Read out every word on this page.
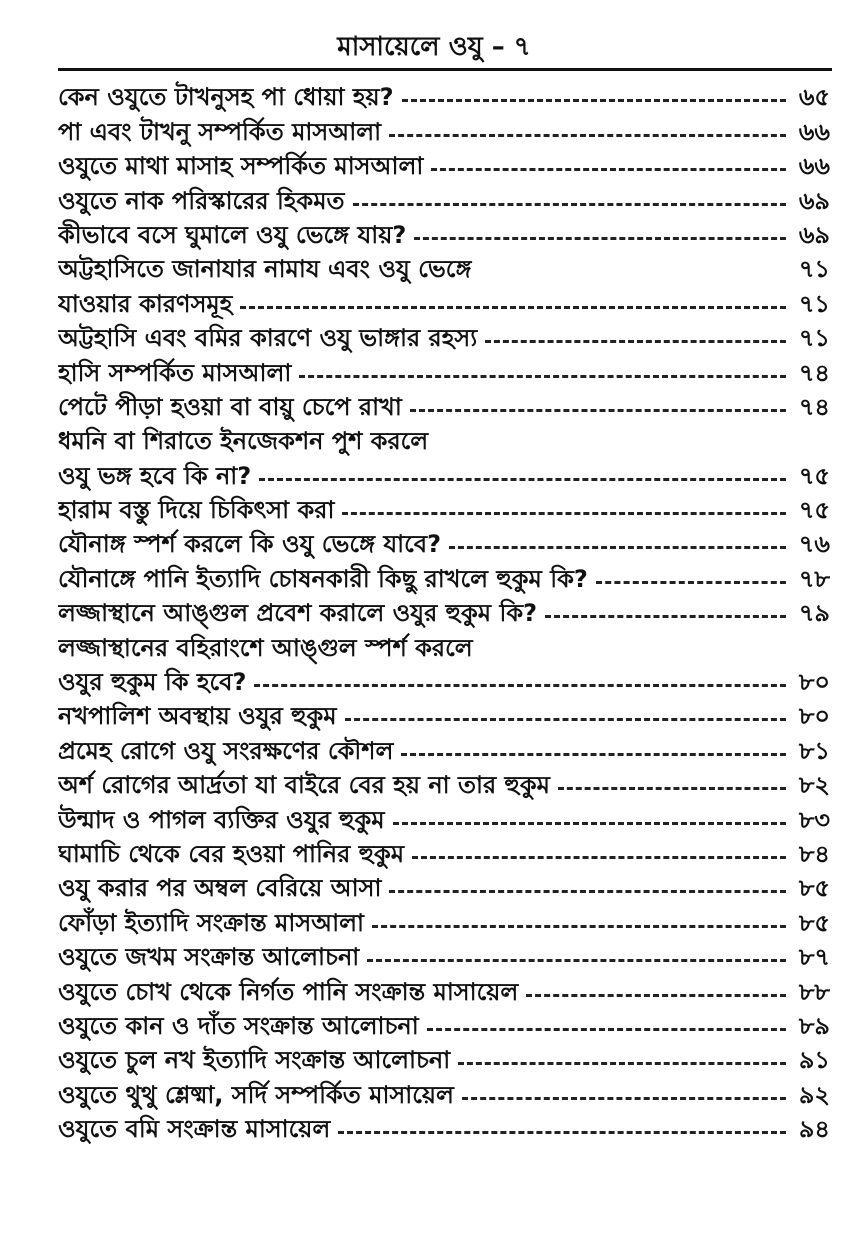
মাসায়েলে ওযু – ৭
কেন ওযুতে টাখনুসহ পা ধোয়া হয়?	৬৫
পা এবং টাখনু সম্পর্কিত মাসআলা	৬৬
ওযুতে মাথা মাসাহ সম্পর্কিত মাসআলা	৬৬
ওযুতে নাক পরিস্কারের হিকমত	৬৯
কীভাবে বসে ঘুমালে ওযু ভেঙ্গে যায়?	৬৯
অট্টহাসিতে জানাযার নামায এবং ওযু ভেঙ্গে	৭১
যাওয়ার কারণসমূহ	৭১
অট্টহাসি এবং বমির কারণে ওযু ভাঙ্গার রহস্য	৭১
হাসি সম্পর্কিত মাসআলা	৭৪
পেটে পীড়া হওয়া বা বায়ু চেপে রাখা	৭৪
ধমনি বা শিরাতে ইনজেকশন পুশ করলে
ওযু ভঙ্গ হবে কি না?	৭৫
হারাম বস্তু দিয়ে চিকিৎসা করা	৭৫
যৌনাঙ্গ স্পর্শ করলে কি ওযু ভেঙ্গে যাবে?	৭৬
যৌনাঙ্গে পানি ইত্যাদি চোষনকারী কিছু রাখলে হুকুম কি?	৭৮
লজ্জাস্থানে আঙ্গুল প্রবেশ করালে ওযুর হুকুম কি?	৭৯
লজ্জাস্থানের বহিরাংশে আঙ্গুল স্পর্শ করলে
ওযুর হুকুম কি হবে?	৮০
নখপালিশ অবস্থায় ওযুর হুকুম	৮০
প্রমেহ রোগে ওযু সংরক্ষণের কৌশল	৮১
অর্শ রোগের আর্দ্রতা যা বাইরে বের হয় না তার হুকুম	৮২
উন্মাদ ও পাগল ব্যক্তির ওযুর হুকুম	৮৩
ঘামাচি থেকে বের হওয়া পানির হুকুম	৮৪
ওযু করার পর অম্বল বেরিয়ে আসা	৮৫
ফোঁড়া ইত্যাদি সংক্রান্ত মাসআলা	৮৫
ওযুতে জখম সংক্রান্ত আলোচনা	৮৭
ওযুতে চোখ থেকে নির্গত পানি সংক্রান্ত মাসায়েল	৮৮
ওযুতে কান ও দাঁত সংক্রান্ত আলোচনা	৮৯
ওযুতে চুল নখ ইত্যাদি সংক্রান্ত আলোচনা	৯১
ওযুতে থুথু শ্লেষ্মা, সর্দি সম্পর্কিত মাসায়েল	৯২
ওযুতে বমি সংক্রান্ত মাসায়েল	৯৪
